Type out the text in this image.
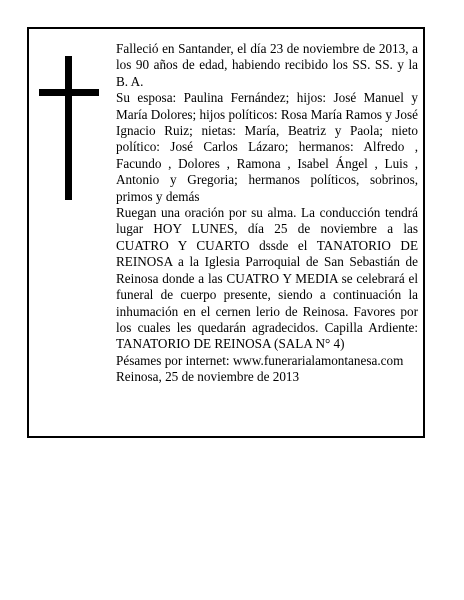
Falleció en Santander, el día 23 de noviembre de 2013, a los 90 años de edad, habiendo recibido los SS. SS. y la B. A.

Su esposa: Paulina Fernández; hijos: José Manuel y María Dolores; hijos políticos: Rosa María Ramos y José Ignacio Ruiz; nietas: María, Beatriz y Paola; nieto político: José Carlos Lázaro; hermanos: Alfredo , Facundo , Dolores , Ramona , Isabel Ángel , Luis , Antonio y Gregoria; hermanos políticos, sobrinos, primos y demás

Ruegan una oración por su alma. La conducción tendrá lugar HOY LUNES, día 25 de noviembre a las CUATRO Y CUARTO dssde el TANATORIO DE REINOSA a la Iglesia Parroquial de San Sebastián de Reinosa donde a las CUATRO Y MEDIA se celebrará el funeral de cuerpo presente, siendo a continuación la inhumación en el cernen lerio de Reinosa. Favores por los cuales les quedarán agradecidos. Capilla Ardiente: TANATORIO DE REINOSA (SALA N° 4)

Pésames por internet: www.funerarialamontanesa.com

Reinosa, 25 de noviembre de 2013
